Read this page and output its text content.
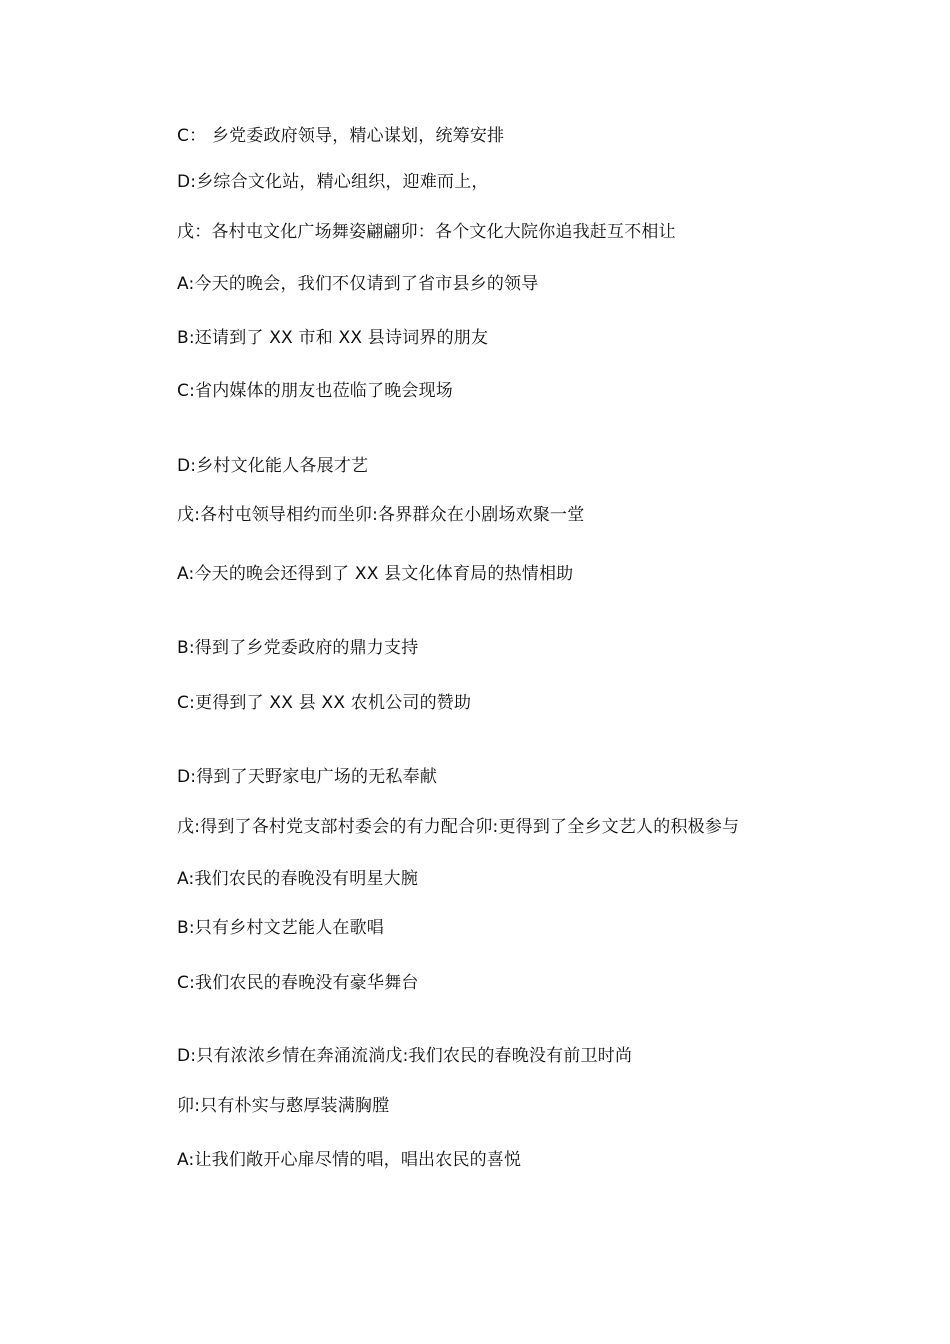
C： 乡党委政府领导，精心谋划，统筹安排
D:乡综合文化站，精心组织，迎难而上，
戊：各村屯文化广场舞姿翩翩卯：各个文化大院你追我赶互不相让
A:今天的晚会，我们不仅请到了省市县乡的领导
B:还请到了 XX 市和 XX 县诗词界的朋友
C:省内媒体的朋友也莅临了晚会现场
D:乡村文化能人各展才艺
戊:各村屯领导相约而坐卯:各界群众在小剧场欢聚一堂
A:今天的晚会还得到了 XX 县文化体育局的热情相助
B:得到了乡党委政府的鼎力支持
C:更得到了 XX 县 XX 农机公司的赞助
D:得到了天野家电广场的无私奉献
戊:得到了各村党支部村委会的有力配合卯:更得到了全乡文艺人的积极参与
A:我们农民的春晚没有明星大腕
B:只有乡村文艺能人在歌唱
C:我们农民的春晚没有豪华舞台
D:只有浓浓乡情在奔涌流淌戊:我们农民的春晚没有前卫时尚
卯:只有朴实与憨厚装满胸膛
A:让我们敞开心扉尽情的唱，唱出农民的喜悦
